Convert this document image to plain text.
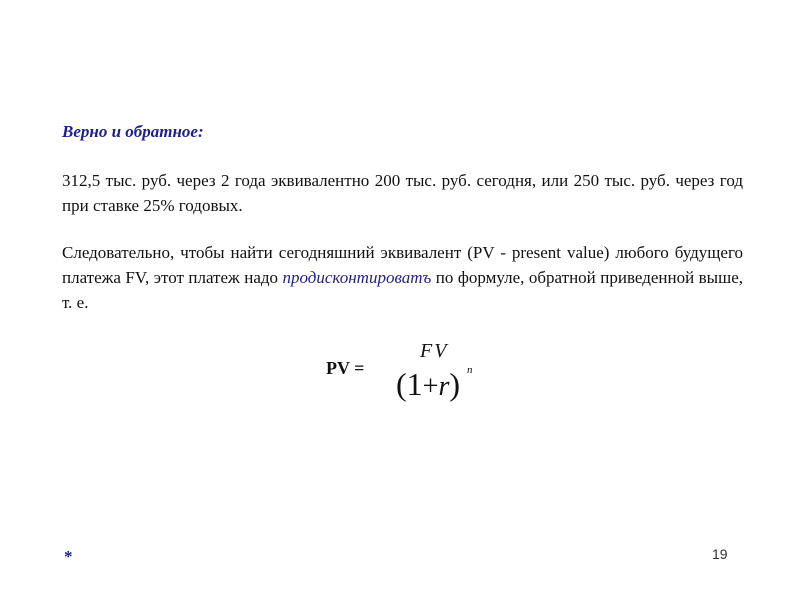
Верно и обратное:
312,5 тыс. руб. через 2 года эквивалентно 200 тыс. руб. сегодня, или 250 тыс. руб. через год при ставке 25% годовых.
Следовательно, чтобы найти сегодняшний эквивалент (PV - present value) любого будущего платежа FV, этот платеж надо продисконтироватъ по формуле, обратной приведенной выше, т. е.
PV =
FV
(1+r) n
*	19
